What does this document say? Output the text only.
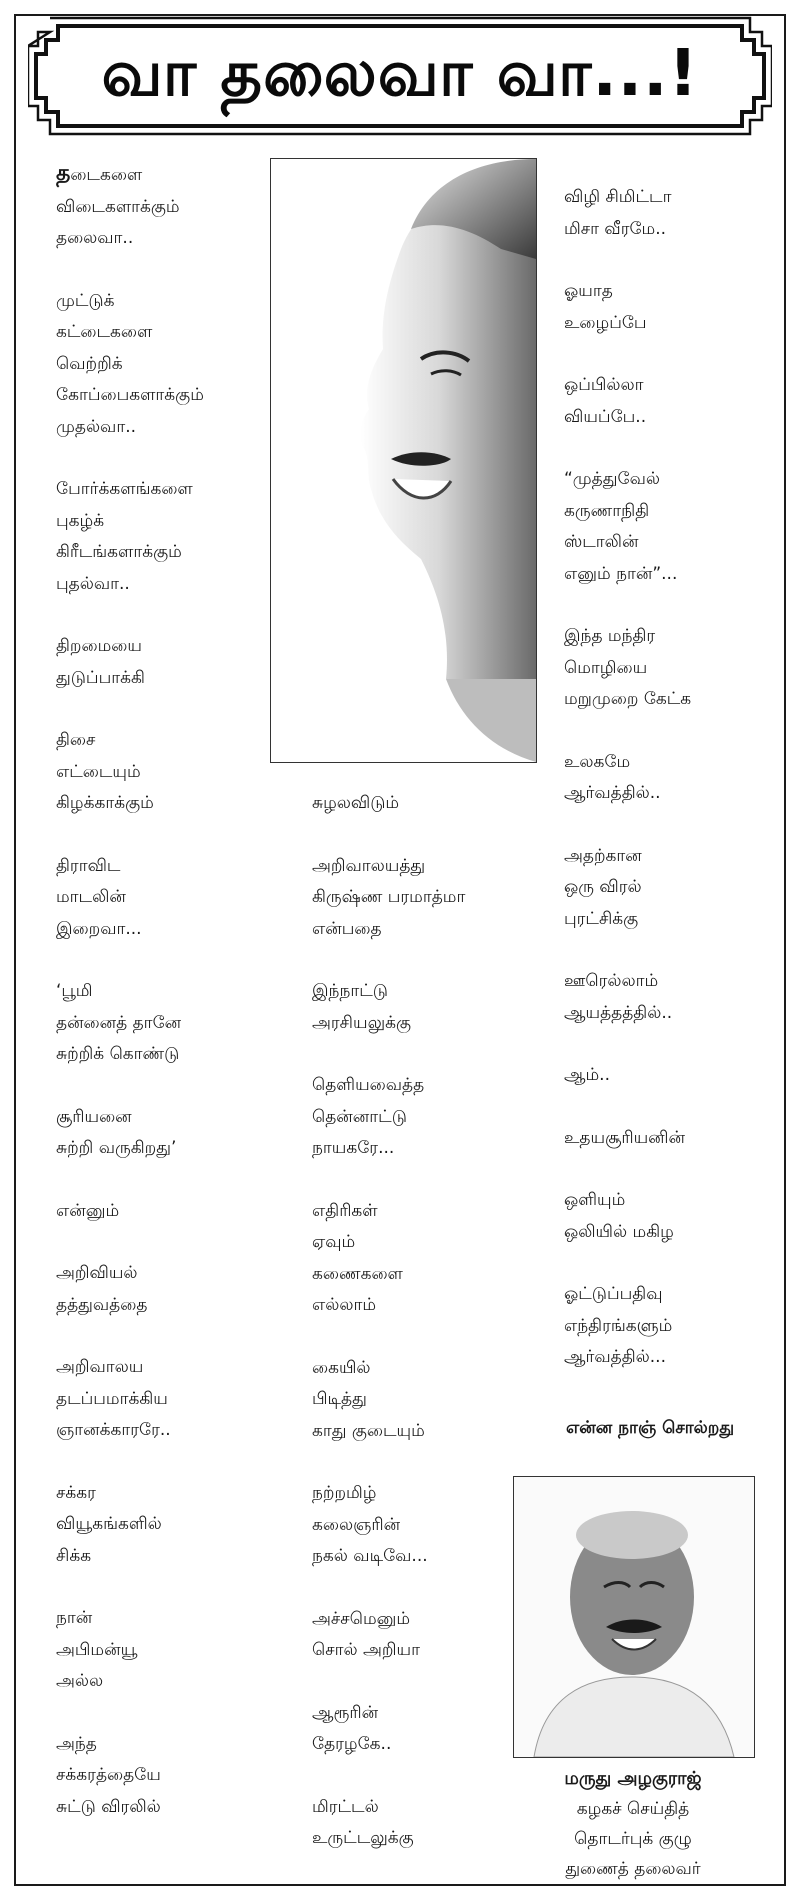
வா தலைவா வா...!

தடைகளை

விடைகளாக்கும்

தலைவா..

முட்டுக்

கட்டைகளை

வெற்றிக்

கோப்பைகளாக்கும்

முதல்வா..

போர்க்களங்களை

புகழ்க்

கிரீடங்களாக்கும்

புதல்வா..

திறமையை

துடுப்பாக்கி

திசை

எட்டையும்

கிழக்காக்கும்

திராவிட

மாடலின்

இறைவா...

‘பூமி

தன்னைத் தானே

சுற்றிக் கொண்டு

சூரியனை

சுற்றி வருகிறது’

என்னும்

அறிவியல்

தத்துவத்தை

அறிவாலய

தடப்பமாக்கிய

ஞானக்காரரே..

சக்கர

வியூகங்களில்

சிக்க

நான்

அபிமன்யூ

அல்ல

அந்த

சக்கரத்தையே

சுட்டு விரலில்

சுழலவிடும்

அறிவாலயத்து

கிருஷ்ண பரமாத்மா

என்பதை

இந்நாட்டு

அரசியலுக்கு

தெளியவைத்த

தென்னாட்டு

நாயகரே...

எதிரிகள்

ஏவும்

கணைகளை

எல்லாம்

கையில்

பிடித்து

காது குடையும்

நற்றமிழ்

கலைஞரின்

நகல் வடிவே...

அச்சமெனும்

சொல் அறியா

ஆரூரின்

தேரழகே..

மிரட்டல்

உருட்டலுக்கு

விழி சிமிட்டா

மிசா வீரமே..

ஓயாத

உழைப்பே

ஒப்பில்லா

வியப்பே..

“முத்துவேல்

கருணாநிதி

ஸ்டாலின்

எனும் நான்”...

இந்த மந்திர

மொழியை

மறுமுறை கேட்க

உலகமே

ஆர்வத்தில்..

அதற்கான

ஒரு விரல்

புரட்சிக்கு

ஊரெல்லாம்

ஆயத்தத்தில்..

ஆம்..

உதயசூரியனின்

ஒளியும்

ஒலியில் மகிழ

ஓட்டுப்பதிவு

எந்திரங்களும்

ஆர்வத்தில்...

என்ன நாஞ் சொல்றது
மருது அழகுராஜ்
கழகச் செய்தித்
தொடர்புக் குழு
துணைத் தலைவர்
